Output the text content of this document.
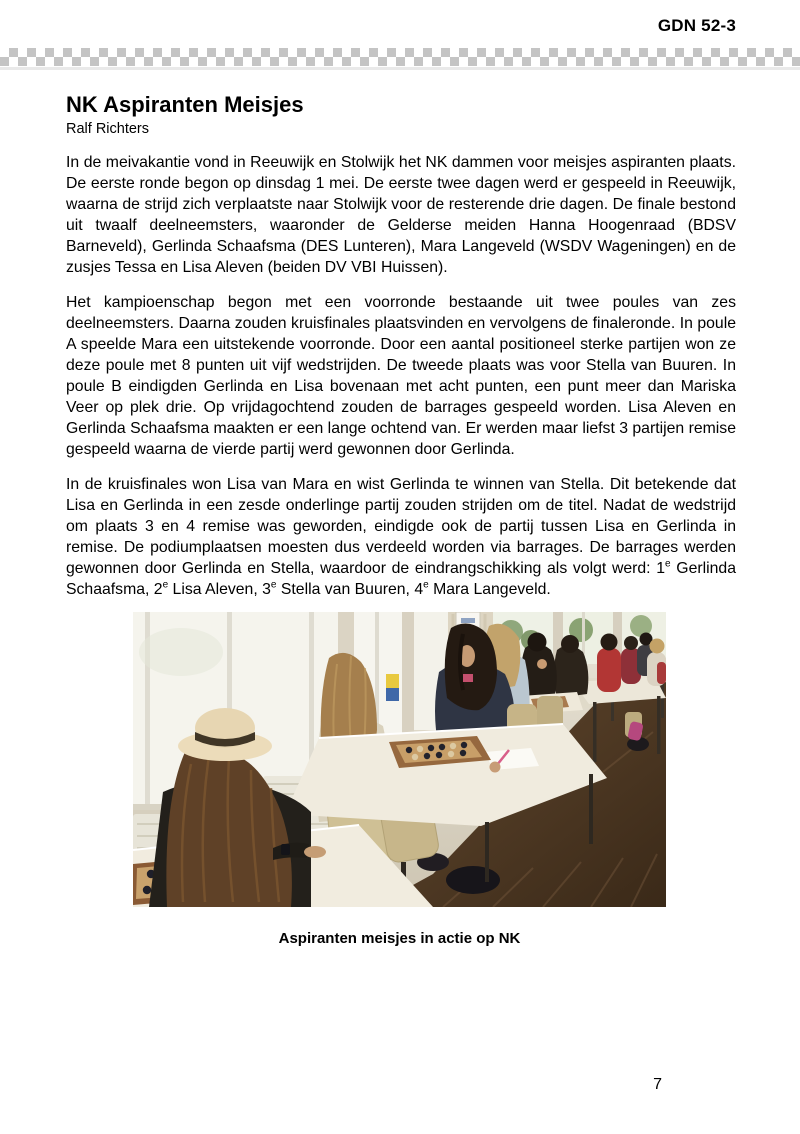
GDN 52-3
NK Aspiranten Meisjes
Ralf Richters

In de meivakantie vond in Reeuwijk en Stolwijk het NK dammen voor meisjes aspiranten plaats. De eerste ronde begon op dinsdag 1 mei. De eerste twee dagen werd er gespeeld in Reeuwijk, waarna de strijd zich verplaatste naar Stolwijk voor de resterende drie dagen. De finale bestond uit twaalf deelneemsters, waaronder de Gelderse meiden Hanna Hoogenraad (BDSV Barneveld), Gerlinda Schaafsma (DES Lunteren), Mara Langeveld (WSDV Wageningen) en de zusjes Tessa en Lisa Aleven (beiden DV VBI Huissen).

Het kampioenschap begon met een voorronde bestaande uit twee poules van zes deelneemsters. Daarna zouden kruisfinales plaatsvinden en vervolgens de finaleronde. In poule A speelde Mara een uitstekende voorronde. Door een aantal positioneel sterke partijen won ze deze poule met 8 punten uit vijf wedstrijden. De tweede plaats was voor Stella van Buuren. In poule B eindigden Gerlinda en Lisa bovenaan met acht punten, een punt meer dan Mariska Veer op plek drie. Op vrijdagochtend zouden de barrages gespeeld worden. Lisa Aleven en Gerlinda Schaafsma maakten er een lange ochtend van. Er werden maar liefst 3 partijen remise gespeeld waarna de vierde partij werd gewonnen door Gerlinda.

In de kruisfinales won Lisa van Mara en wist Gerlinda te winnen van Stella. Dit betekende dat Lisa en Gerlinda in een zesde onderlinge partij zouden strijden om de titel. Nadat de wedstrijd om plaats 3 en 4 remise was geworden, eindigde ook de partij tussen Lisa en Gerlinda in remise. De podiumplaatsen moesten dus verdeeld worden via barrages. De barrages werden gewonnen door Gerlinda en Stella, waardoor de eindrangschikking als volgt werd: 1e Gerlinda Schaafsma, 2e Lisa Aleven, 3e Stella van Buuren, 4e Mara Langeveld.

Aspiranten meisjes in actie op NK
7
